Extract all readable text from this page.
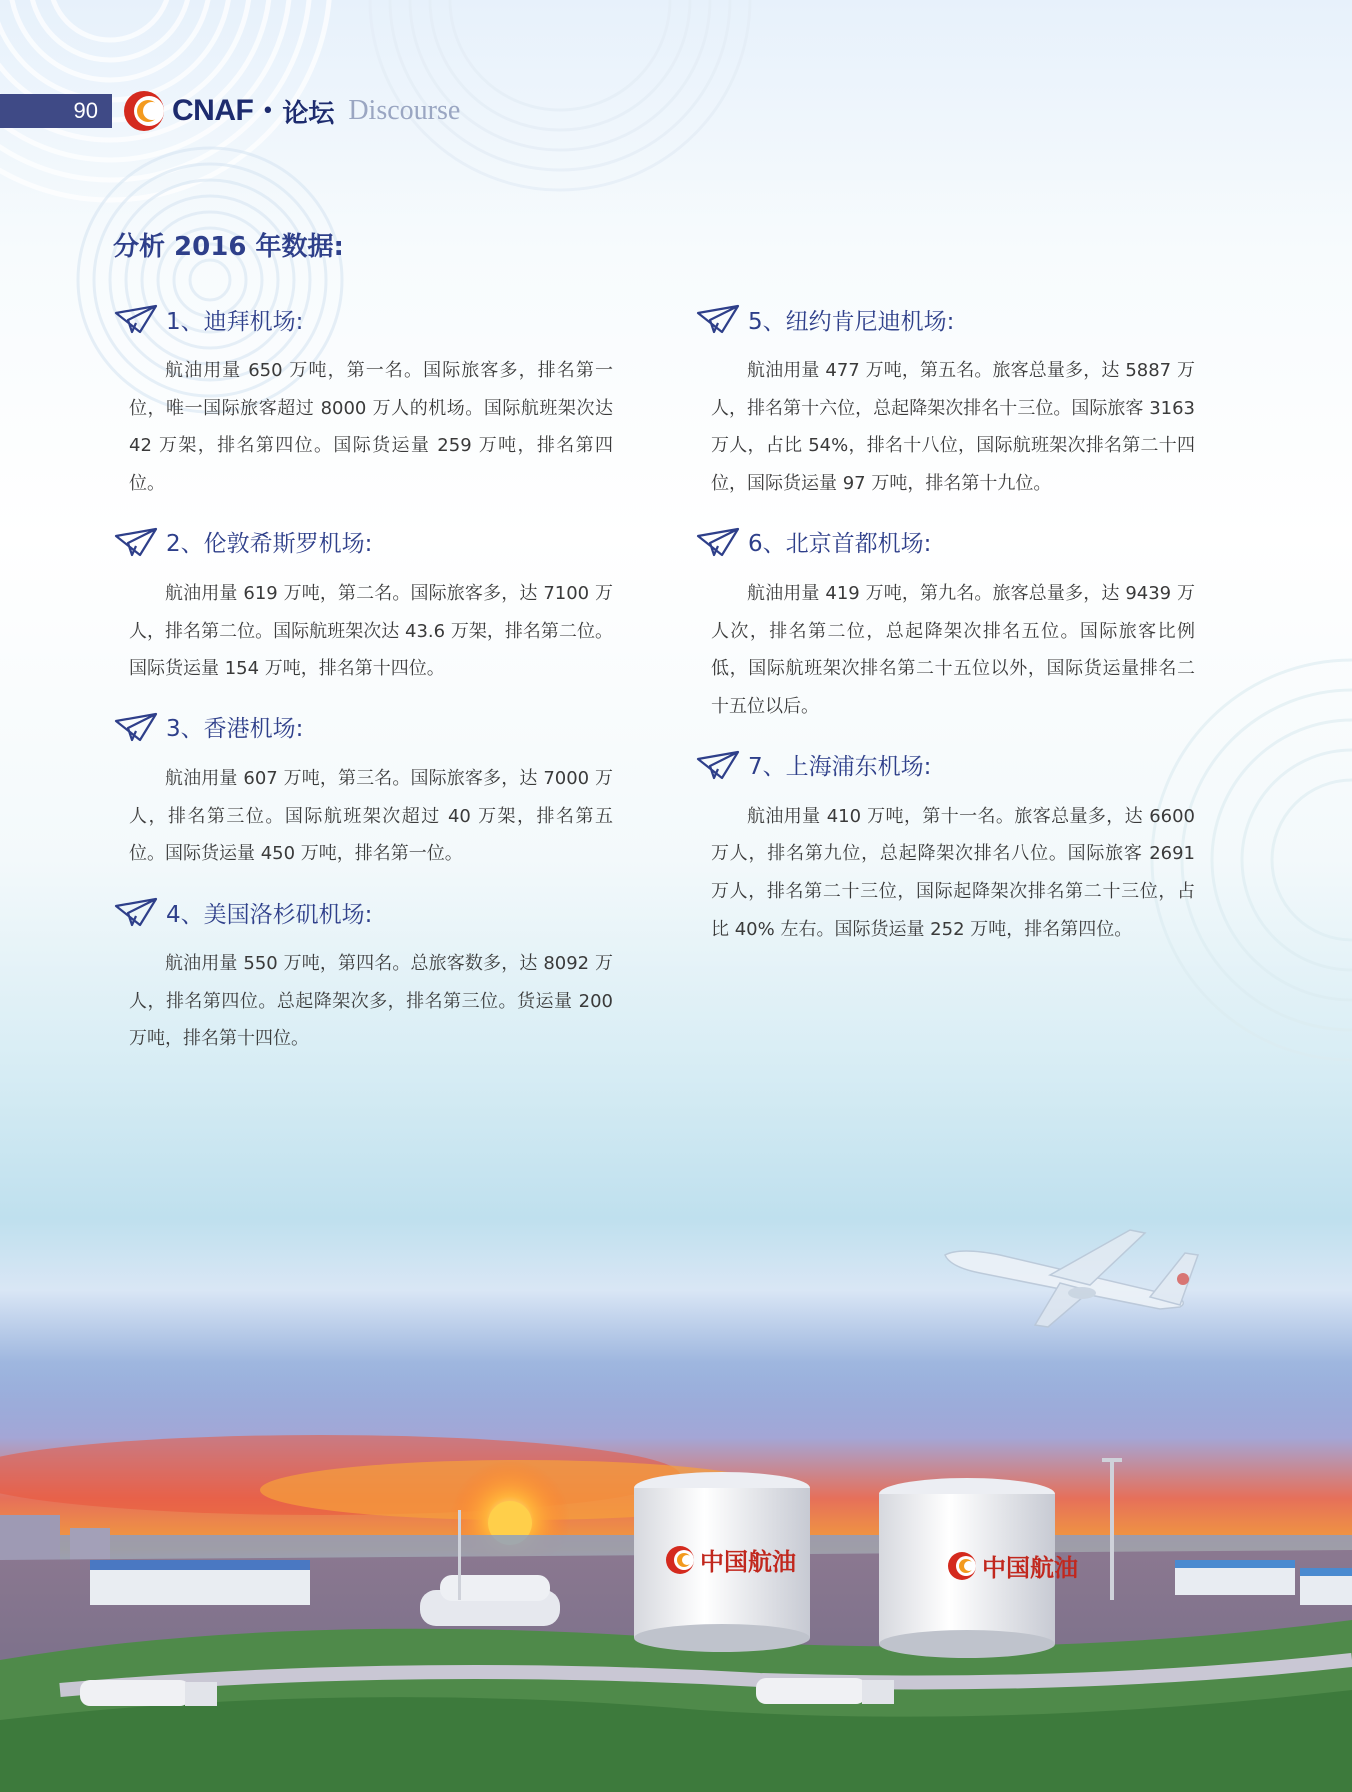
90	CNAF • 论坛 Discourse
分析 2016 年数据:
1、迪拜机场:

航油用量 650 万吨，第一名。国际旅客多，排名第一位，唯一国际旅客超过 8000 万人的机场。国际航班架次达 42 万架，排名第四位。国际货运量 259 万吨，排名第四位。

2、伦敦希斯罗机场:

航油用量 619 万吨，第二名。国际旅客多，达 7100 万人，排名第二位。国际航班架次达 43.6 万架，排名第二位。国际货运量 154 万吨，排名第十四位。

3、香港机场:

航油用量 607 万吨，第三名。国际旅客多，达 7000 万人，排名第三位。国际航班架次超过 40 万架，排名第五位。国际货运量 450 万吨，排名第一位。

4、美国洛杉矶机场:

航油用量 550 万吨，第四名。总旅客数多，达 8092 万人，排名第四位。总起降架次多，排名第三位。货运量 200 万吨，排名第十四位。

5、纽约肯尼迪机场:

航油用量 477 万吨，第五名。旅客总量多，达 5887 万人，排名第十六位，总起降架次排名十三位。国际旅客 3163 万人，占比 54%，排名十八位，国际航班架次排名第二十四位，国际货运量 97 万吨，排名第十九位。

6、北京首都机场:

航油用量 419 万吨，第九名。旅客总量多，达 9439 万人次，排名第二位，总起降架次排名五位。国际旅客比例低，国际航班架次排名第二十五位以外，国际货运量排名二十五位以后。

7、上海浦东机场:

航油用量 410 万吨，第十一名。旅客总量多，达 6600 万人，排名第九位，总起降架次排名八位。国际旅客 2691 万人，排名第二十三位，国际起降架次排名第二十三位，占比 40% 左右。国际货运量 252 万吨，排名第四位。

中国航油	中国航油
